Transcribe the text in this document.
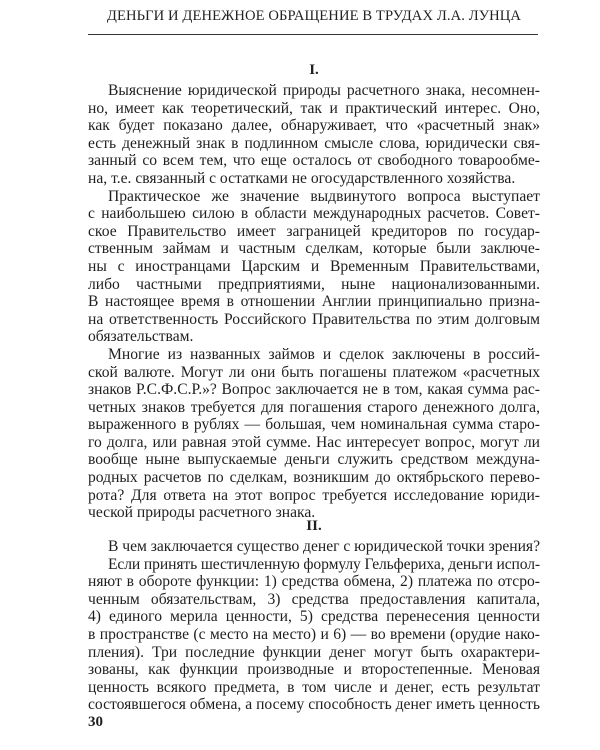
ДЕНЬГИ И ДЕНЕЖНОЕ ОБРАЩЕНИЕ В ТРУДАХ Л.А. ЛУНЦА
I.
Выяснение юридической природы расчетного знака, несомнен-
но, имеет как теоретический, так и практический интерес. Оно,
как будет показано далее, обнаруживает, что «расчетный знак»
есть денежный знак в подлинном смысле слова, юридически свя-
занный со всем тем, что еще осталось от свободного товарообме-
на, т.е. связанный с остатками не огосударствленного хозяйства.
Практическое же значение выдвинутого вопроса выступает
с наибольшею силою в области международных расчетов. Совет-
ское Правительство имеет заграницей кредиторов по государ-
ственным займам и частным сделкам, которые были заключе-
ны с иностранцами Царским и Временным Правительствами,
либо частными предприятиями, ныне национализованными.
В настоящее время в отношении Англии принципиально призна-
на ответственность Российского Правительства по этим долговым
обязательствам.
Многие из названных займов и сделок заключены в россий-
ской валюте. Могут ли они быть погашены платежом «расчетных
знаков Р.С.Ф.С.Р.»? Вопрос заключается не в том, какая сумма рас-
четных знаков требуется для погашения старого денежного долга,
выраженного в рублях — большая, чем номинальная сумма старо-
го долга, или равная этой сумме. Нас интересует вопрос, могут ли
вообще ныне выпускаемые деньги служить средством междуна-
родных расчетов по сделкам, возникшим до октябрьского перево-
рота? Для ответа на этот вопрос требуется исследование юриди-
ческой природы расчетного знака.
II.
В чем заключается существо денег с юридической точки зрения?
Если принять шестичленную формулу Гельфериха, деньги испол-
няют в обороте функции: 1) средства обмена, 2) платежа по отсро-
ченным обязательствам, 3) средства предоставления капитала,
4) единого мерила ценности, 5) средства перенесения ценности
в пространстве (с место на место) и 6) — во времени (орудие нако-
пления). Три последние функции денег могут быть охарактери-
зованы, как функции производные и второстепенные. Меновая
ценность всякого предмета, в том числе и денег, есть результат
состоявшегося обмена, а посему способность денег иметь ценность
30
